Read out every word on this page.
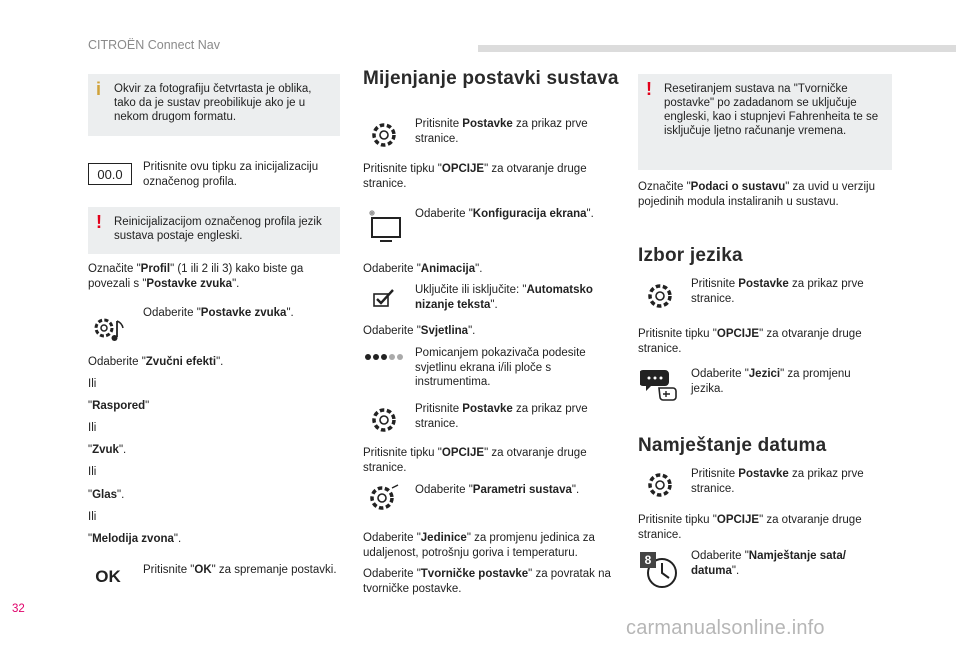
CITROËN Connect Nav
32
carmanualsonline.info
i Okvir za fotografiju četvrtasta je oblika, tako da je sustav preobilikuje ako je u nekom drugom formatu.
00.0 Pritisnite ovu tipku za inicijalizaciju označenog profila.
! Reinicijalizacijom označenog profila jezik sustava postaje engleski.
Označite "Profil" (1 ili 2 ili 3) kako biste ga povezali s "Postavke zvuka".
Odaberite "Postavke zvuka".
Odaberite "Zvučni efekti".
Ili
"Raspored"
Ili
"Zvuk".
Ili
"Glas".
Ili
"Melodija zvona".
OK Pritisnite "OK" za spremanje postavki.
Mijenjanje postavki sustava
Pritisnite Postavke za prikaz prve stranice.
Pritisnite tipku "OPCIJE" za otvaranje druge stranice.
Odaberite "Konfiguracija ekrana".
Odaberite "Animacija".
Uključite ili isključite: "Automatsko nizanje teksta".
Odaberite "Svjetlina".
Pomicanjem pokazivača podesite svjetlinu ekrana i/ili ploče s instrumentima.
Pritisnite Postavke za prikaz prve stranice.
Pritisnite tipku "OPCIJE" za otvaranje druge stranice.
Odaberite "Parametri sustava".
Odaberite "Jedinice" za promjenu jedinica za udaljenost, potrošnju goriva i temperaturu.
Odaberite "Tvorničke postavke" za povratak na tvorničke postavke.
! Resetiranjem sustava na "Tvorničke postavke" po zadadanom se uključuje engleski, kao i stupnjevi Fahrenheita te se isključuje ljetno računanje vremena.
Označite "Podaci o sustavu" za uvid u verziju pojedinih modula instaliranih u sustavu.
Izbor jezika
Pritisnite Postavke za prikaz prve stranice.
Pritisnite tipku "OPCIJE" za otvaranje druge stranice.
Odaberite "Jezici" za promjenu jezika.
Namještanje datuma
Pritisnite Postavke za prikaz prve stranice.
Pritisnite tipku "OPCIJE" za otvaranje druge stranice.
8	Odaberite "Namještanje sata/ datuma".
